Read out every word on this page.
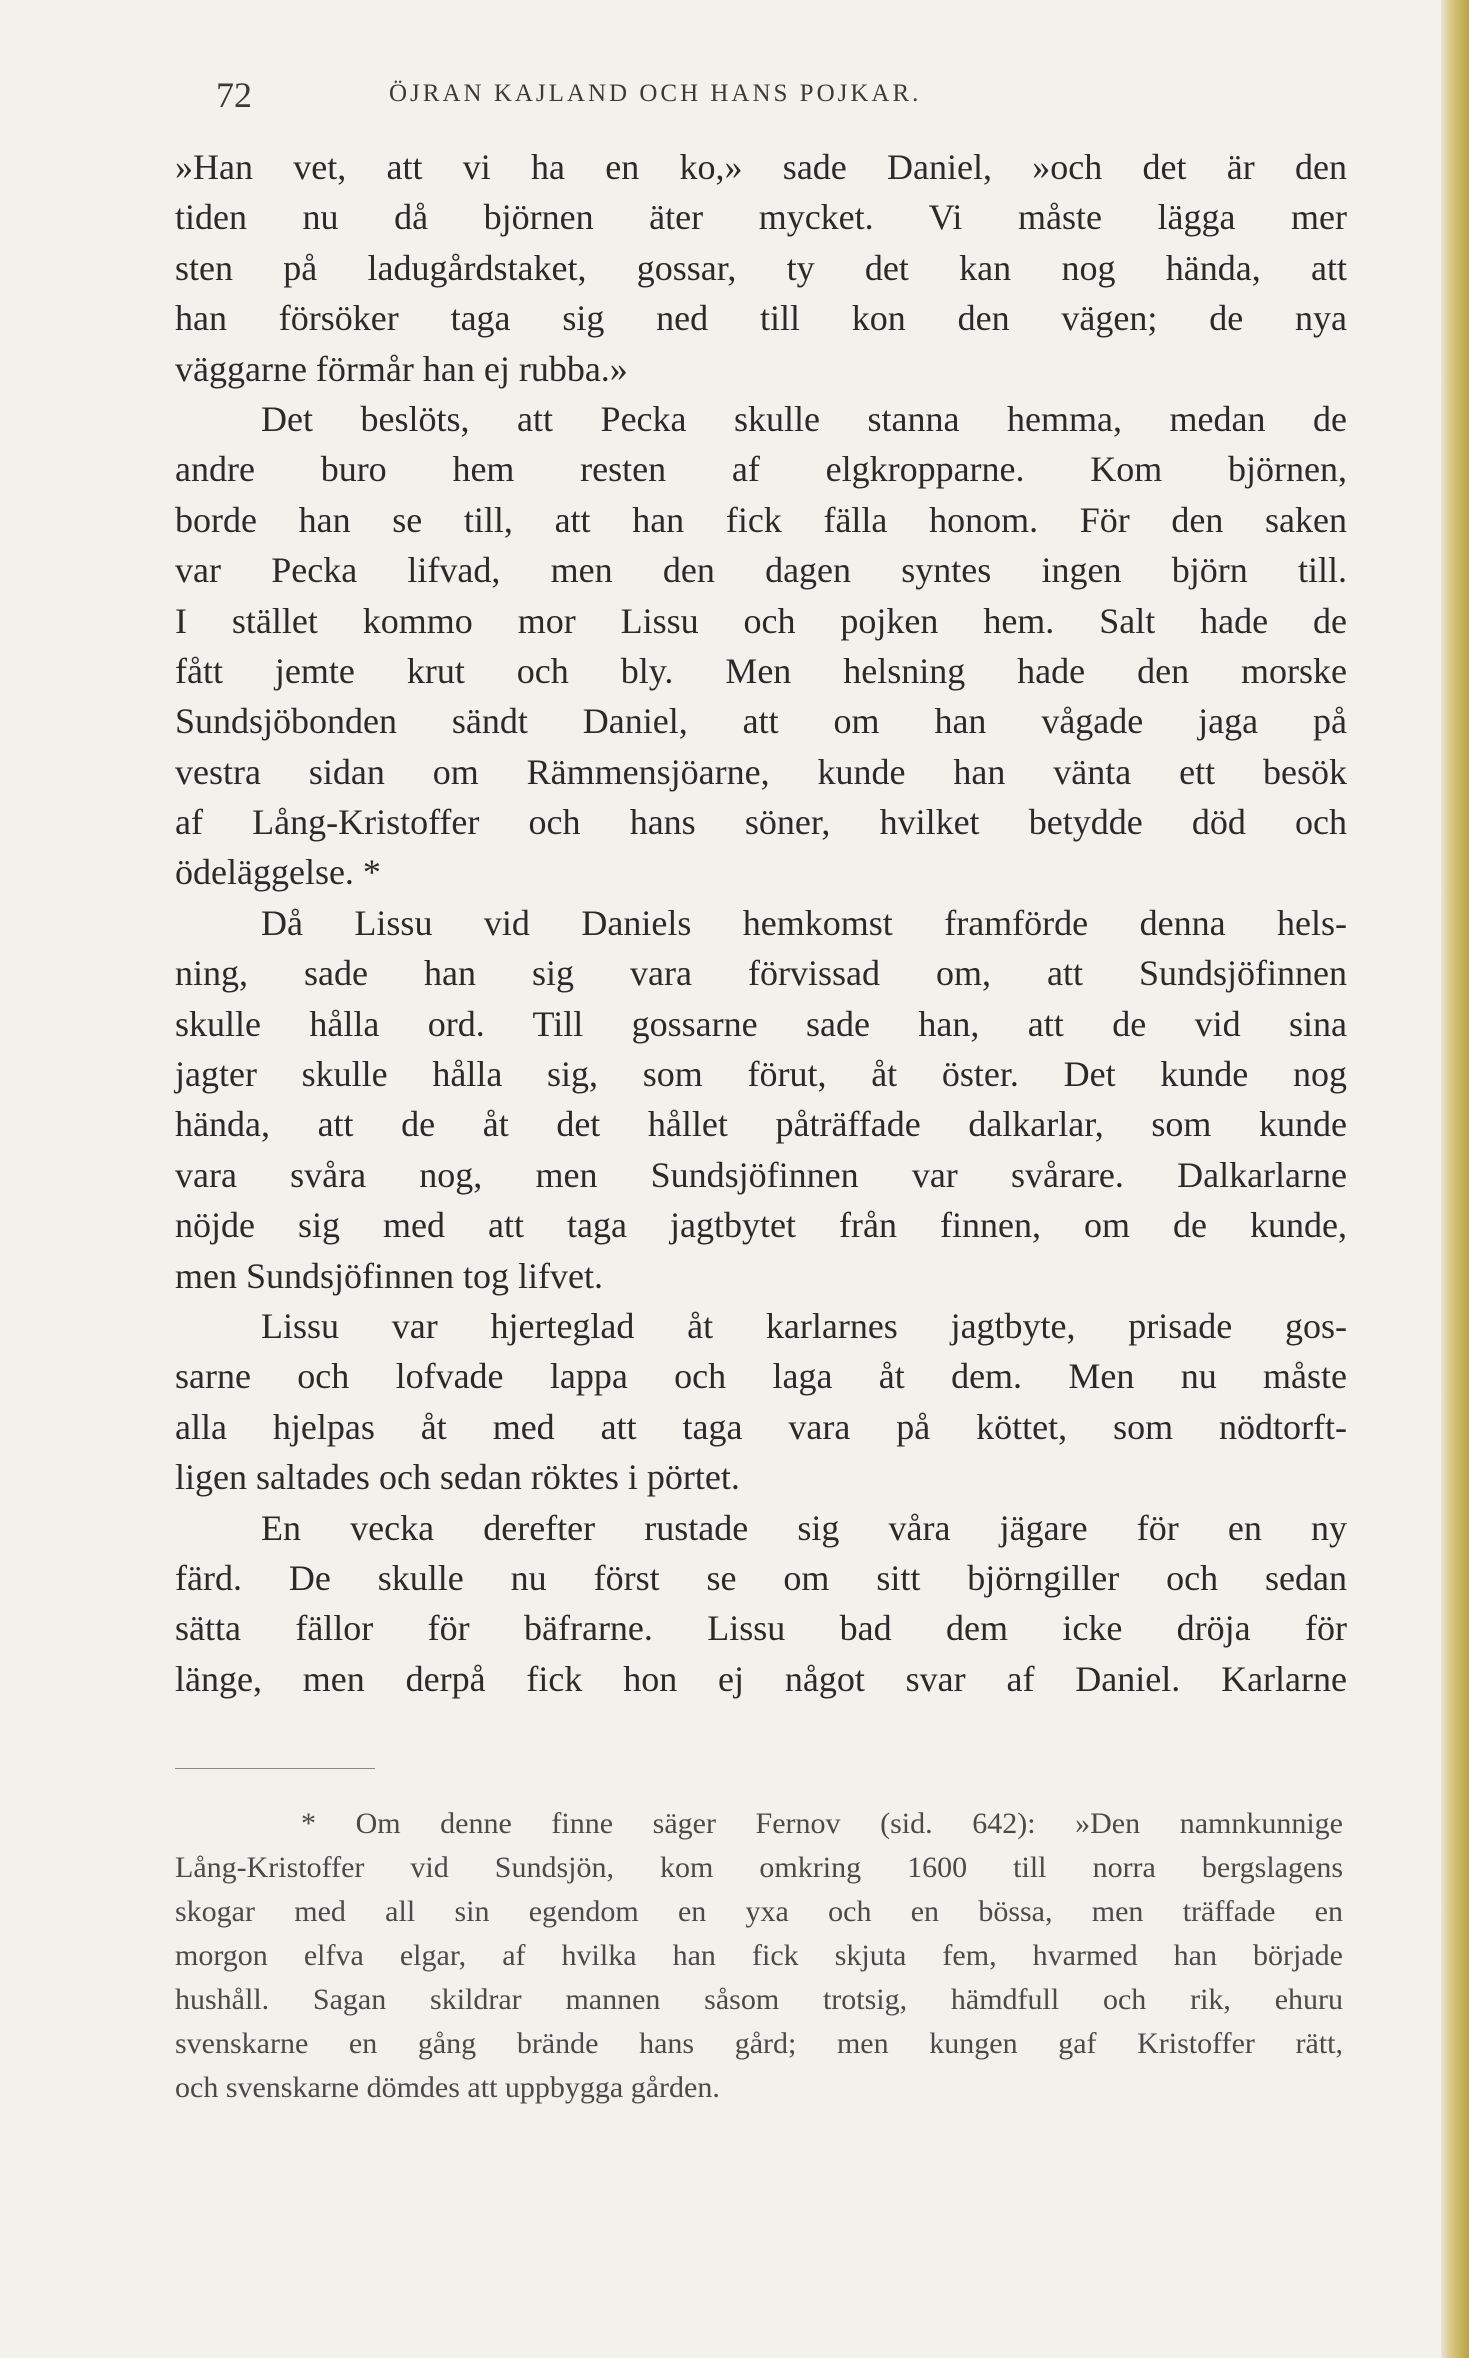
72	ÖJRAN KAJLAND OCH HANS POJKAR.
»Han vet, att vi ha en ko,» sade Daniel, »och det är den
tiden nu då björnen äter mycket. Vi måste lägga mer
sten på ladugårdstaket, gossar, ty det kan nog hända, att
han försöker taga sig ned till kon den vägen; de nya
väggarne förmår han ej rubba.»
Det beslöts, att Pecka skulle stanna hemma, medan de
andre buro hem resten af elgkropparne. Kom björnen,
borde han se till, att han fick fälla honom. För den saken
var Pecka lifvad, men den dagen syntes ingen björn till.
I stället kommo mor Lissu och pojken hem. Salt hade de
fått jemte krut och bly. Men helsning hade den morske
Sundsjöbonden sändt Daniel, att om han vågade jaga på
vestra sidan om Rämmensjöarne, kunde han vänta ett besök
af Lång-Kristoffer och hans söner, hvilket betydde död och
ödeläggelse. *
Då Lissu vid Daniels hemkomst framförde denna hels-
ning, sade han sig vara förvissad om, att Sundsjöfinnen
skulle hålla ord. Till gossarne sade han, att de vid sina
jagter skulle hålla sig, som förut, åt öster. Det kunde nog
hända, att de åt det hållet påträffade dalkarlar, som kunde
vara svåra nog, men Sundsjöfinnen var svårare. Dalkarlarne
nöjde sig med att taga jagtbytet från finnen, om de kunde,
men Sundsjöfinnen tog lifvet.
Lissu var hjerteglad åt karlarnes jagtbyte, prisade gos-
sarne och lofvade lappa och laga åt dem. Men nu måste
alla hjelpas åt med att taga vara på köttet, som nödtorft-
ligen saltades och sedan röktes i pörtet.
En vecka derefter rustade sig våra jägare för en ny
färd. De skulle nu först se om sitt björngiller och sedan
sätta fällor för bäfrarne. Lissu bad dem icke dröja för
länge, men derpå fick hon ej något svar af Daniel. Karlarne
* Om denne finne säger Fernov (sid. 642): »Den namnkunnige
Lång-Kristoffer vid Sundsjön, kom omkring 1600 till norra bergslagens
skogar med all sin egendom en yxa och en bössa, men träffade en
morgon elfva elgar, af hvilka han fick skjuta fem, hvarmed han började
hushåll. Sagan skildrar mannen såsom trotsig, hämdfull och rik, ehuru
svenskarne en gång brände hans gård; men kungen gaf Kristoffer rätt,
och svenskarne dömdes att uppbygga gården.
